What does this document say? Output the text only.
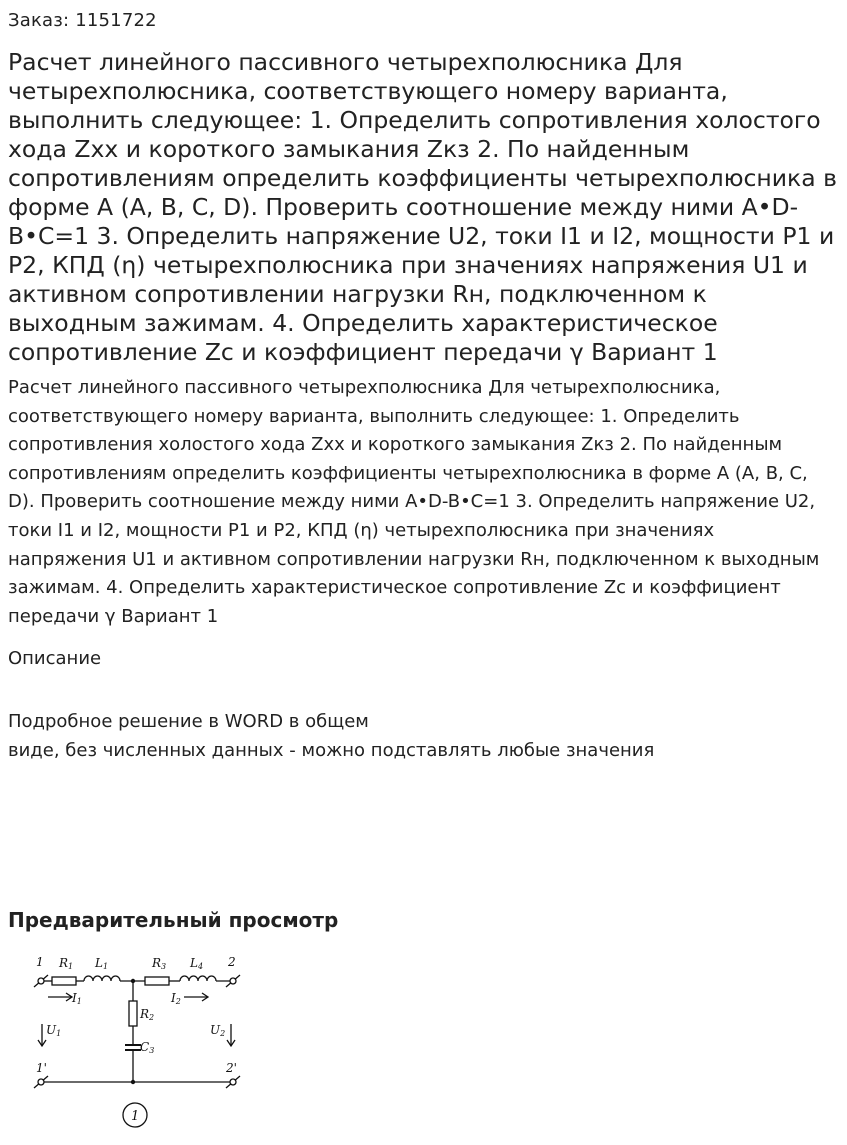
Заказ: 1151722
Расчет линейного пассивного четырехполюсника Для четырехполюсника, соответствующего номеру варианта, выполнить следующее: 1. Определить сопротивления холостого хода Zхх и короткого замыкания Zкз 2. По найденным сопротивлениям определить коэффициенты четырехполюсника в форме А (А, В, С, D). Проверить соотношение между ними A•D-B•C=1 3. Определить напряжение U2, токи I1 и I2, мощности Р1 и Р2, КПД (η) четырехполюсника при значениях напряжения U1 и активном сопротивлении нагрузки Rн, подключенном к выходным зажимам. 4. Определить характеристическое сопротивление Zс и коэффициент передачи γ Вариант 1

Расчет линейного пассивного четырехполюсника Для четырехполюсника, соответствующего номеру варианта, выполнить следующее: 1. Определить сопротивления холостого хода Zхх и короткого замыкания Zкз 2. По найденным сопротивлениям определить коэффициенты четырехполюсника в форме А (А, В, С, D). Проверить соотношение между ними A•D-B•C=1 3. Определить напряжение U2, токи I1 и I2, мощности Р1 и Р2, КПД (η) четырехполюсника при значениях напряжения U1 и активном сопротивлении нагрузки Rн, подключенном к выходным зажимам. 4. Определить характеристическое сопротивление Zс и коэффициент передачи γ Вариант 1

Описание
Подробное решение в WORD в общем
виде, без численных данных - можно подставлять любые значения
Предварительный просмотр
1	2
1'	2'
R1 L1	R3 L4
R2
C3
I1	I2
U1	U2
1
